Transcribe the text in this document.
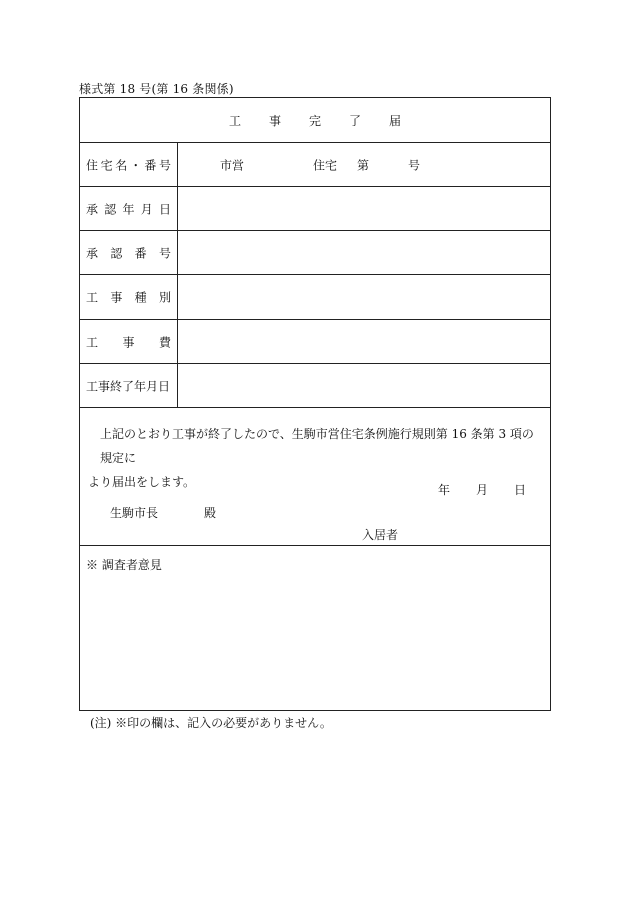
様式第 18 号(第 16 条関係)
工 事 完 了 届
住 宅 名 ・ 番 号	市営	住宅 第	号
承 認 年 月 日
承 認 番 号
工 事 種 別
工 事 費
工事終了年月日
上記のとおり工事が終了したので、生駒市営住宅条例施行規則第 16 条第 3 項の規定に
より届出をします。
年 月 日
生駒市長	殿
入居者
※ 調査者意見
(注) ※印の欄は、記入の必要がありません。
